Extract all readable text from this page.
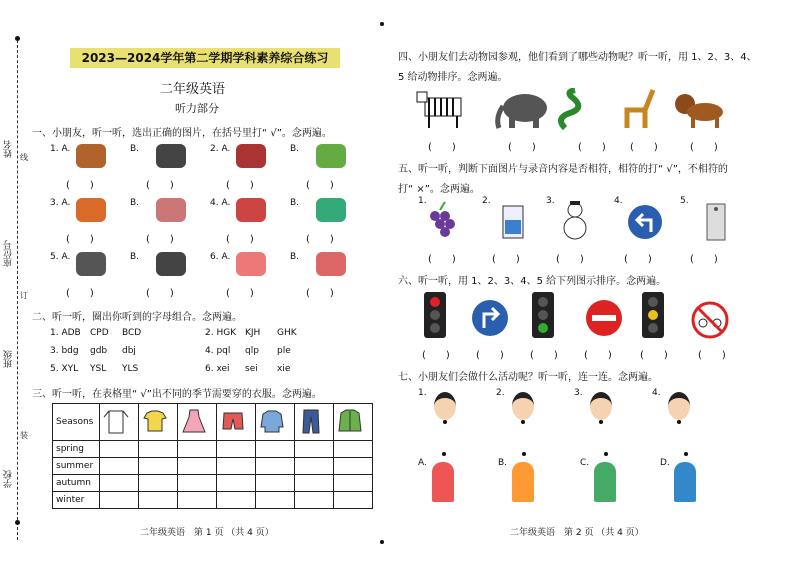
姓名
座位号
班级
学校
线
订
装
2023—2024学年第二学期学科素养综合练习
二年级英语
听力部分
一、小朋友，听一听，选出正确的图片，在括号里打“ √”。念两遍。
1. A.
(　　)
B.
(　　)
2. A.
(　　)
B.
(　　)
3. A.
(　　)
B.
(　　)
4. A.
(　　)
B.
(　　)
5. A.
(　　)
B.
(　　)
6. A.
(　　)
B.
(　　)
二、听一听，圈出你听到的字母组合。念两遍。
1. ADB CPD BCD	2. HGK KJH GHK
3. bdg gdb dbj	4. pql qlp ple
5. XYL YSL YLS	6. xei sei xie
三、听一听，在表格里“ √”出不同的季节需要穿的衣服。念两遍。
Seasons							
spring							
summer							
autumn							
winter							
二年级英语　第 1 页 （共 4 页）
四、小朋友们去动物园参观，他们看到了哪些动物呢？听一听，用 1、2、3、4、
5 给动物排序。念两遍。
(　　)	(　　)	(　　) (　　)	(　　)
五、听一听，判断下面图片与录音内容是否相符，相符的打“ √”，不相符的
打“ ×”。念两遍。
1.
(　　)
2.
(　　)
3.
(　　)
4.
(　　)
5.
(　　)
六、听一听，用 1、2、3、4、5 给下列图示排序。念两遍。
(　　)	(　　)	(　　)	(　　)	(　　)	(　　)
七、小朋友们会做什么活动呢？听一听，连一连。念两遍。
1.	2.	3.	4.
A.	B.	C.	D.
二年级英语　第 2 页 （共 4 页）
